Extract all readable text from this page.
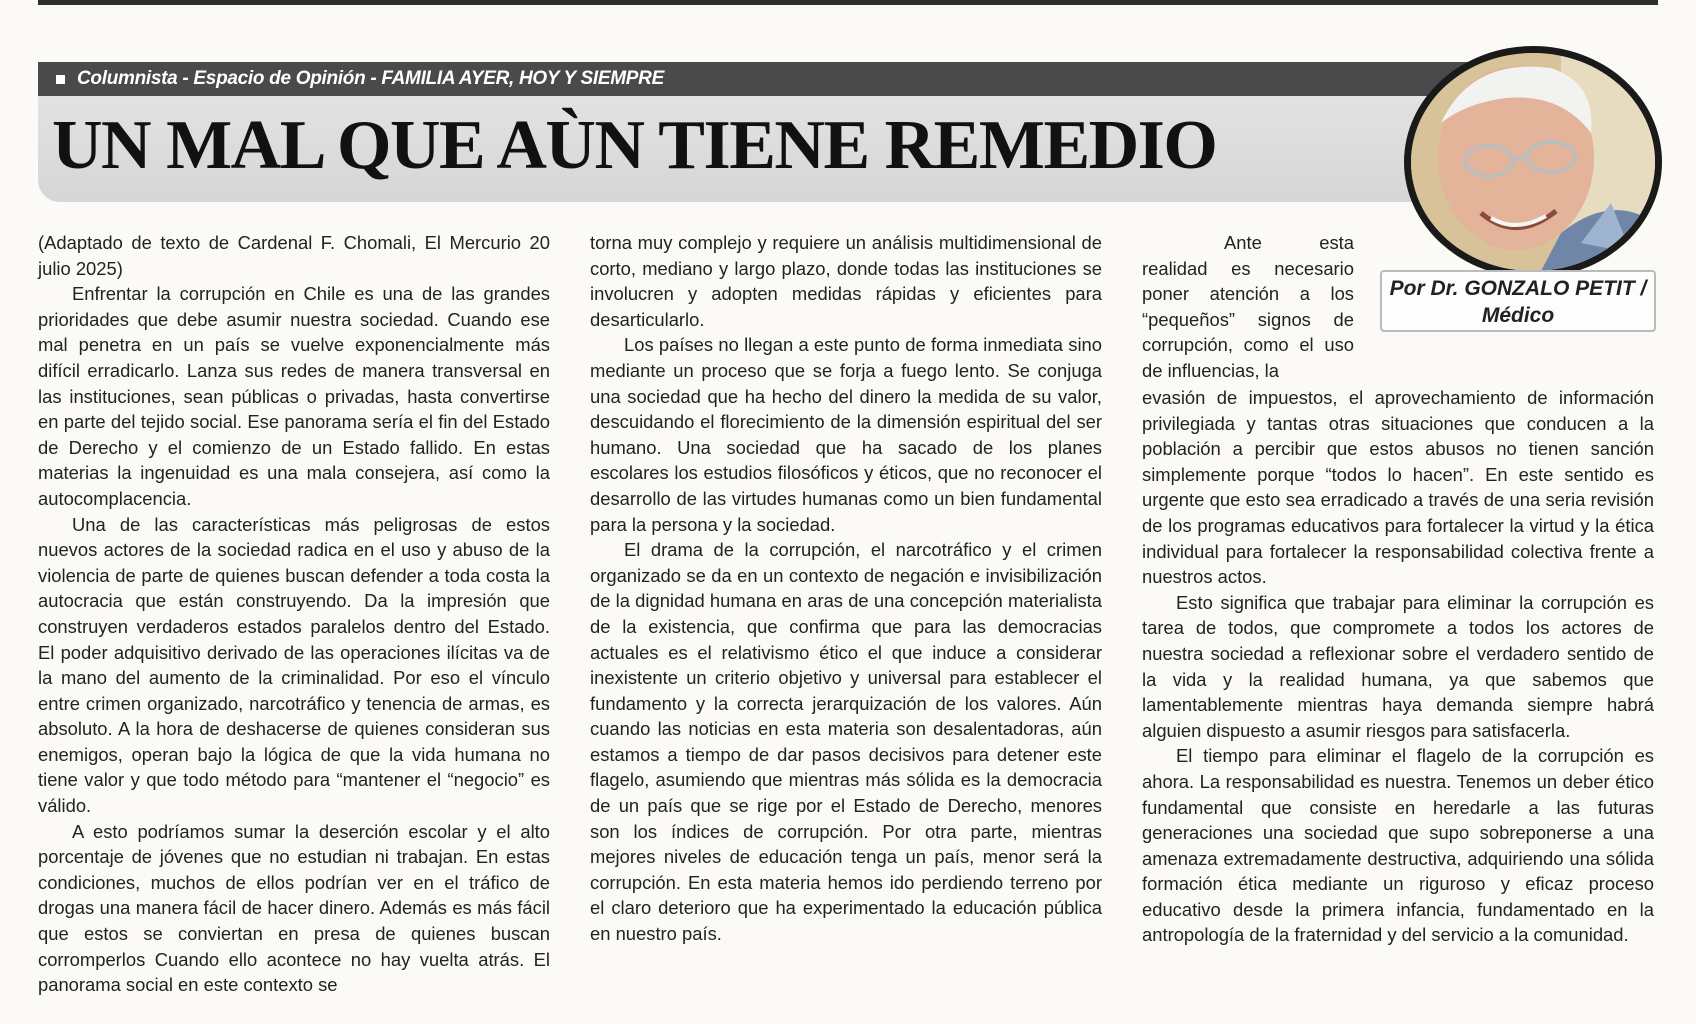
Columnista - Espacio de Opinión - FAMILIA AYER, HOY Y SIEMPRE
UN MAL QUE AÙN TIENE REMEDIO
Por Dr. GONZALO PETIT /
Médico

(Adaptado de texto de Cardenal F. Chomali, El Mercurio 20 julio 2025)

Enfrentar la corrupción en Chile es una de las grandes prioridades que debe asumir nuestra sociedad. Cuando ese mal penetra en un país se vuelve exponencialmente más difícil erradicarlo. Lanza sus redes de manera transversal en las instituciones, sean públicas o privadas, hasta convertirse en parte del tejido social. Ese panorama sería el fin del Estado de Derecho y el comienzo de un Estado fallido. En estas materias la ingenuidad es una mala consejera, así como la autocomplacencia.

Una de las características más peligrosas de estos nuevos actores de la sociedad radica en el uso y abuso de la violencia de parte de quienes buscan defender a toda costa la autocracia que están construyendo. Da la impresión que construyen verdaderos estados paralelos dentro del Estado. El poder adquisitivo derivado de las operaciones ilícitas va de la mano del aumento de la criminalidad. Por eso el vínculo entre crimen organizado, narcotráfico y tenencia de armas, es absoluto. A la hora de deshacerse de quienes consideran sus enemigos, operan bajo la lógica de que la vida humana no tiene valor y que todo método para “mantener el “negocio” es válido.

A esto podríamos sumar la deserción escolar y el alto porcentaje de jóvenes que no estudian ni trabajan. En estas condiciones, muchos de ellos podrían ver en el tráfico de drogas una manera fácil de hacer dinero. Además es más fácil que estos se conviertan en presa de quienes buscan corromperlos Cuando ello acontece no hay vuelta atrás. El panorama social en este contexto se

torna muy complejo y requiere un análisis multidimensional de corto, mediano y largo plazo, donde todas las instituciones se involucren y adopten medidas rápidas y eficientes para desarticularlo.

Los países no llegan a este punto de forma inmediata sino mediante un proceso que se forja a fuego lento. Se conjuga una sociedad que ha hecho del dinero la medida de su valor, descuidando el florecimiento de la dimensión espiritual del ser humano. Una sociedad que ha sacado de los planes escolares los estudios filosóficos y éticos, que no reconocer el desarrollo de las virtudes humanas como un bien fundamental para la persona y la sociedad.

El drama de la corrupción, el narcotráfico y el crimen organizado se da en un contexto de negación e invisibilización de la dignidad humana en aras de una concepción materialista de la existencia, que confirma que para las democracias actuales es el relativismo ético el que induce a considerar inexistente un criterio objetivo y universal para establecer el fundamento y la correcta jerarquización de los valores. Aún cuando las noticias en esta materia son desalentadoras, aún estamos a tiempo de dar pasos decisivos para detener este flagelo, asumiendo que mientras más sólida es la democracia de un país que se rige por el Estado de Derecho, menores son los índices de corrupción. Por otra parte, mientras mejores niveles de educación tenga un país, menor será la corrupción. En esta materia hemos ido perdiendo terreno por el claro deterioro que ha experimentado la educación pública en nuestro país.

Ante esta realidad es necesario poner atención a los “pequeños” signos de corrupción, como el uso de influencias, la

evasión de impuestos, el aprovechamiento de información privilegiada y tantas otras situaciones que conducen a la población a percibir que estos abusos no tienen sanción simplemente porque “todos lo hacen”. En este sentido es urgente que esto sea erradicado a través de una seria revisión de los programas educativos para fortalecer la virtud y la ética individual para fortalecer la responsabilidad colectiva frente a nuestros actos.

Esto significa que trabajar para eliminar la corrupción es tarea de todos, que compromete a todos los actores de nuestra sociedad a reflexionar sobre el verdadero sentido de la vida y la realidad humana, ya que sabemos que lamentablemente mientras haya demanda siempre habrá alguien dispuesto a asumir riesgos para satisfacerla.

El tiempo para eliminar el flagelo de la corrupción es ahora. La responsabilidad es nuestra. Tenemos un deber ético fundamental que consiste en heredarle a las futuras generaciones una sociedad que supo sobreponerse a una amenaza extremadamente destructiva, adquiriendo una sólida formación ética mediante un riguroso y eficaz proceso educativo desde la primera infancia, fundamentado en la antropología de la fraternidad y del servicio a la comunidad.
